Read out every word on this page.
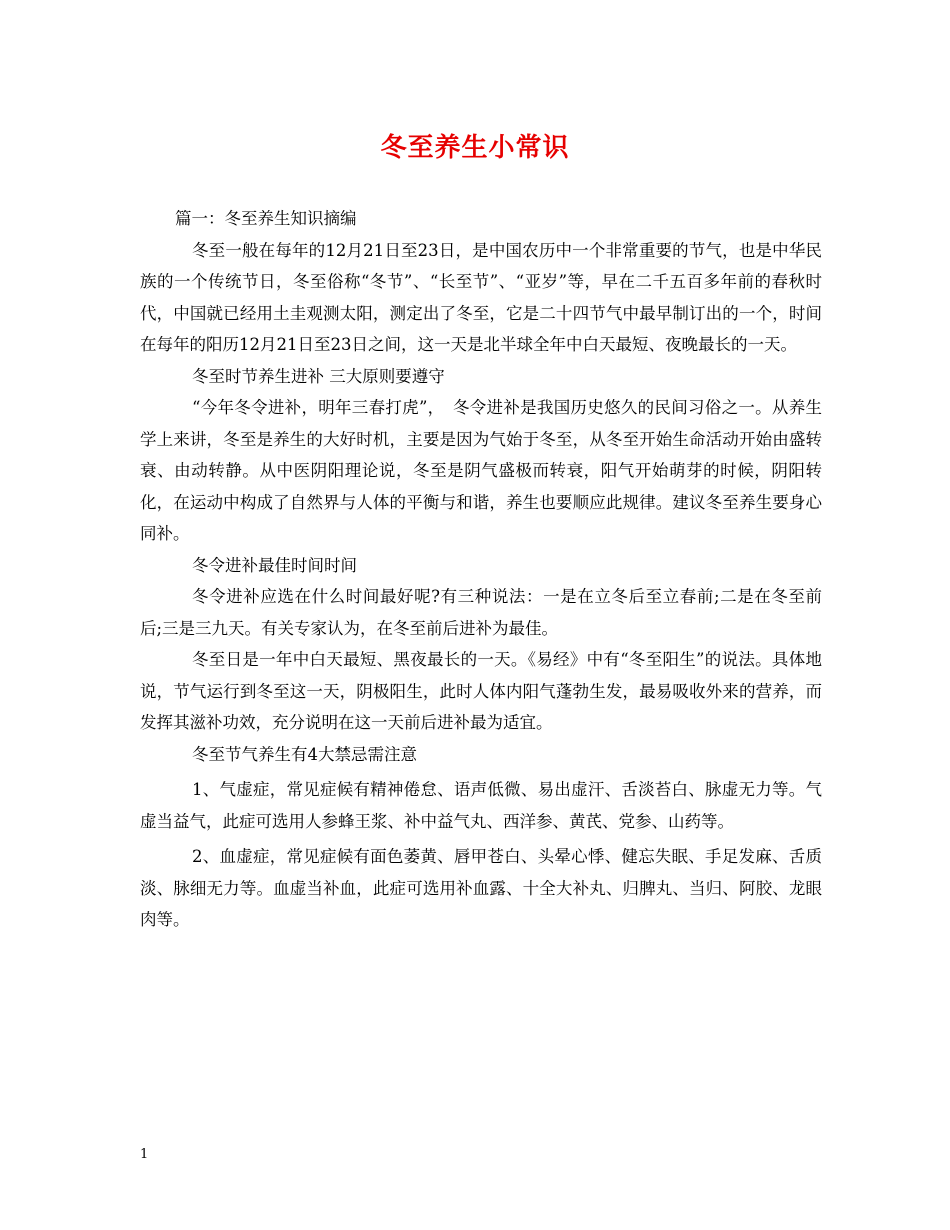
冬至养生小常识

篇一：冬至养生知识摘编

冬至一般在每年的12月21日至23日，是中国农历中一个非常重要的节气，也是中华民族的一个传统节日，冬至俗称“冬节”、“长至节”、“亚岁”等，早在二千五百多年前的春秋时代，中国就已经用土圭观测太阳，测定出了冬至，它是二十四节气中最早制订出的一个，时间在每年的阳历12月21日至23日之间，这一天是北半球全年中白天最短、夜晚最长的一天。

冬至时节养生进补 三大原则要遵守

“今年冬令进补，明年三春打虎”，　冬令进补是我国历史悠久的民间习俗之一。从养生学上来讲，冬至是养生的大好时机，主要是因为气始于冬至，从冬至开始生命活动开始由盛转衰、由动转静。从中医阴阳理论说，冬至是阴气盛极而转衰，阳气开始萌芽的时候，阴阳转化，在运动中构成了自然界与人体的平衡与和谐，养生也要顺应此规律。建议冬至养生要身心同补。

冬令进补最佳时间时间

冬令进补应选在什么时间最好呢?有三种说法：一是在立冬后至立春前;二是在冬至前后;三是三九天。有关专家认为，在冬至前后进补为最佳。

冬至日是一年中白天最短、黑夜最长的一天。《易经》中有“冬至阳生”的说法。具体地说，节气运行到冬至这一天，阴极阳生，此时人体内阳气蓬勃生发，最易吸收外来的营养，而发挥其滋补功效，充分说明在这一天前后进补最为适宜。

冬至节气养生有4大禁忌需注意

1、气虚症，常见症候有精神倦怠、语声低微、易出虚汗、舌淡苔白、脉虚无力等。气虚当益气，此症可选用人参蜂王浆、补中益气丸、西洋参、黄芪、党参、山药等。

2、血虚症，常见症候有面色萎黄、唇甲苍白、头晕心悸、健忘失眠、手足发麻、舌质淡、脉细无力等。血虚当补血，此症可选用补血露、十全大补丸、归脾丸、当归、阿胶、龙眼肉等。

1
